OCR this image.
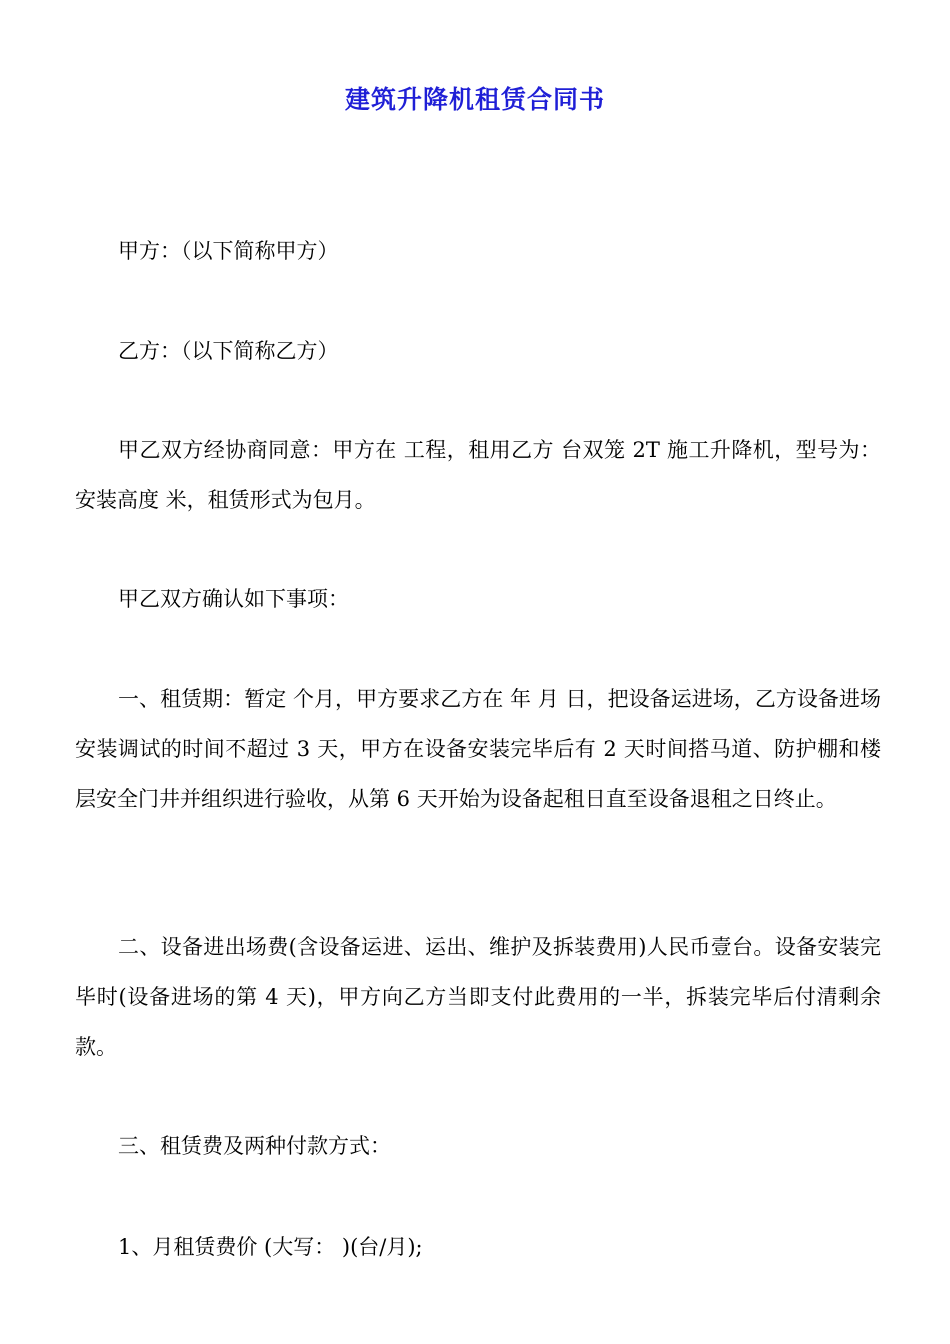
建筑升降机租赁合同书
甲方：（以下简称甲方）
乙方：（以下简称乙方）
甲乙双方经协商同意：甲方在 工程，租用乙方 台双笼 2T 施工升降机，型号为： 安装高度 米，租赁形式为包月。
甲乙双方确认如下事项：
一、租赁期：暂定 个月，甲方要求乙方在 年 月 日，把设备运进场，乙方设备进场安装调试的时间不超过 3 天，甲方在设备安装完毕后有 2 天时间搭马道、防护棚和楼层安全门井并组织进行验收，从第 6 天开始为设备起租日直至设备退租之日终止。
二、设备进出场费(含设备运进、运出、维护及拆装费用)人民币壹台。设备安装完毕时(设备进场的第 4 天)，甲方向乙方当即支付此费用的一半，拆装完毕后付清剩余款。
三、租赁费及两种付款方式：
1、月租赁费价 (大写： )(台/月);
